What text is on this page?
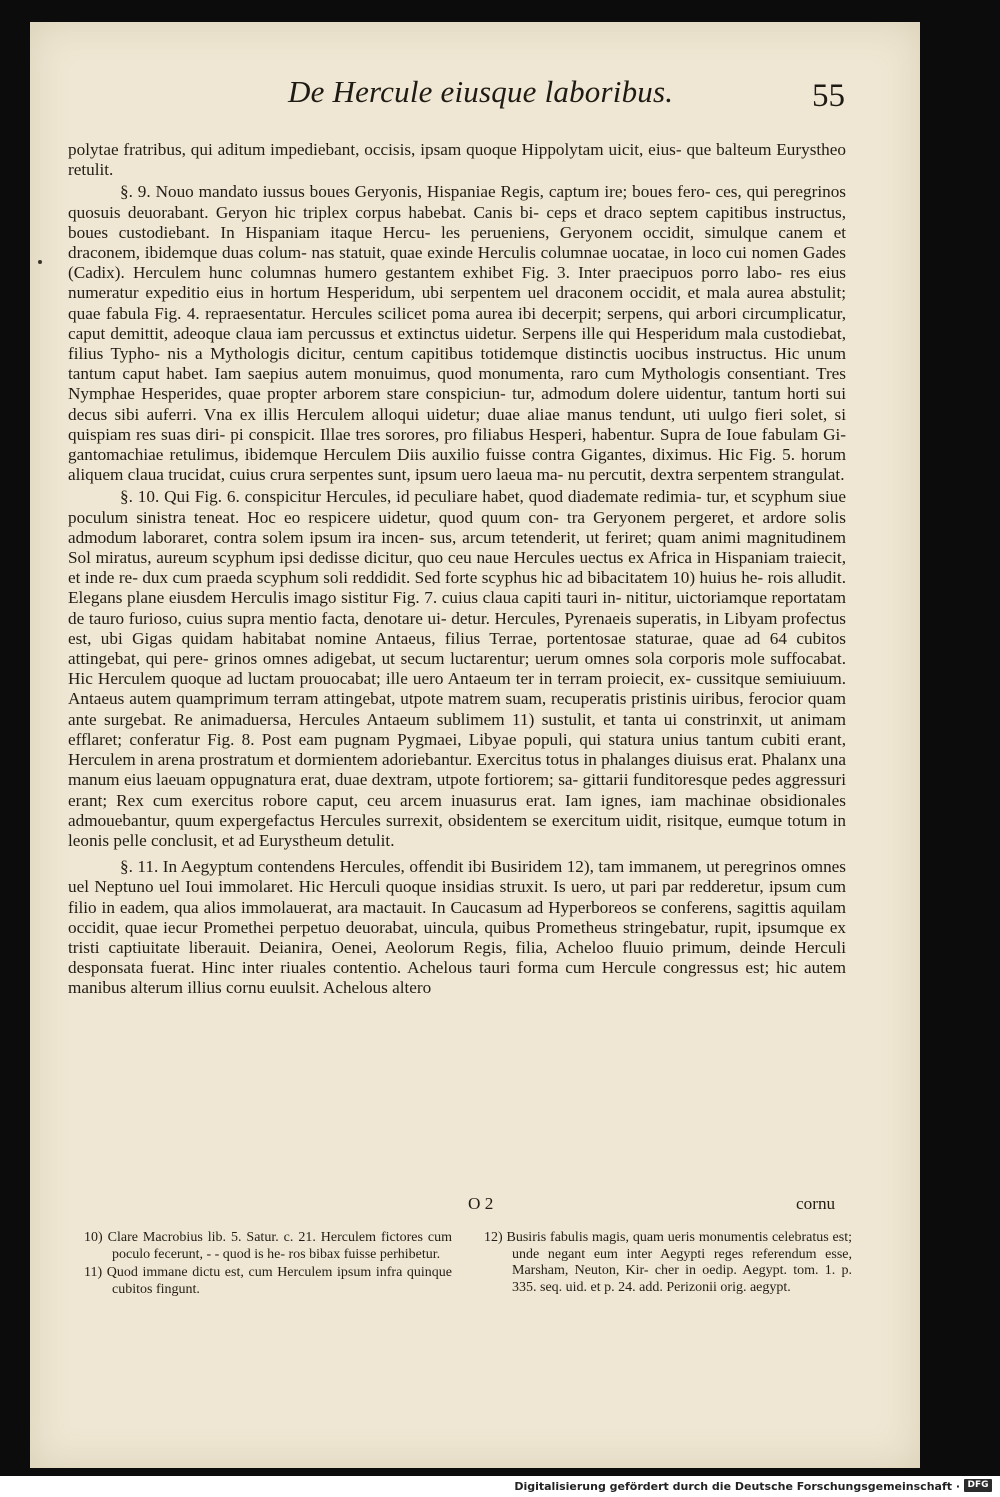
De Hercule eiusque laboribus.	55

polytae fratribus, qui aditum impediebant, occisis, ipsam quoque Hippolytam uicit, eius- que balteum Eurystheo retulit.

§. 9. Nouo mandato iussus boues Geryonis, Hispaniae Regis, captum ire; boues fero- ces, qui peregrinos quosuis deuorabant. Geryon hic triplex corpus habebat. Canis bi- ceps et draco septem capitibus instructus, boues custodiebant. In Hispaniam itaque Hercu- les perueniens, Geryonem occidit, simulque canem et draconem, ibidemque duas colum- nas statuit, quae exinde Herculis columnae uocatae, in loco cui nomen Gades (Cadix). Herculem hunc columnas humero gestantem exhibet Fig. 3. Inter praecipuos porro labo- res eius numeratur expeditio eius in hortum Hesperidum, ubi serpentem uel draconem occidit, et mala aurea abstulit; quae fabula Fig. 4. repraesentatur. Hercules scilicet poma aurea ibi decerpit; serpens, qui arbori circumplicatur, caput demittit, adeoque claua iam percussus et extinctus uidetur. Serpens ille qui Hesperidum mala custodiebat, filius Typho- nis a Mythologis dicitur, centum capitibus totidemque distinctis uocibus instructus. Hic unum tantum caput habet. Iam saepius autem monuimus, quod monumenta, raro cum Mythologis consentiant. Tres Nymphae Hesperides, quae propter arborem stare conspiciun- tur, admodum dolere uidentur, tantum horti sui decus sibi auferri. Vna ex illis Herculem alloqui uidetur; duae aliae manus tendunt, uti uulgo fieri solet, si quispiam res suas diri- pi conspicit. Illae tres sorores, pro filiabus Hesperi, habentur. Supra de Ioue fabulam Gi- gantomachiae retulimus, ibidemque Herculem Diis auxilio fuisse contra Gigantes, diximus. Hic Fig. 5. horum aliquem claua trucidat, cuius crura serpentes sunt, ipsum uero laeua ma- nu percutit, dextra serpentem strangulat.

§. 10. Qui Fig. 6. conspicitur Hercules, id peculiare habet, quod diademate redimia- tur, et scyphum siue poculum sinistra teneat. Hoc eo respicere uidetur, quod quum con- tra Geryonem pergeret, et ardore solis admodum laboraret, contra solem ipsum ira incen- sus, arcum tetenderit, ut feriret; quam animi magnitudinem Sol miratus, aureum scyphum ipsi dedisse dicitur, quo ceu naue Hercules uectus ex Africa in Hispaniam traiecit, et inde re- dux cum praeda scyphum soli reddidit. Sed forte scyphus hic ad bibacitatem 10) huius he- rois alludit. Elegans plane eiusdem Herculis imago sistitur Fig. 7. cuius claua capiti tauri in- nititur, uictoriamque reportatam de tauro furioso, cuius supra mentio facta, denotare ui- detur. Hercules, Pyrenaeis superatis, in Libyam profectus est, ubi Gigas quidam habitabat nomine Antaeus, filius Terrae, portentosae staturae, quae ad 64 cubitos attingebat, qui pere- grinos omnes adigebat, ut secum luctarentur; uerum omnes sola corporis mole suffocabat. Hic Herculem quoque ad luctam prouocabat; ille uero Antaeum ter in terram proiecit, ex- cussitque semiuiuum. Antaeus autem quamprimum terram attingebat, utpote matrem suam, recuperatis pristinis uiribus, ferocior quam ante surgebat. Re animaduersa, Hercules Antaeum sublimem 11) sustulit, et tanta ui constrinxit, ut animam efflaret; conferatur Fig. 8. Post eam pugnam Pygmaei, Libyae populi, qui statura unius tantum cubiti erant, Herculem in arena prostratum et dormientem adoriebantur. Exercitus totus in phalanges diuisus erat. Phalanx una manum eius laeuam oppugnatura erat, duae dextram, utpote fortiorem; sa- gittarii funditoresque pedes aggressuri erant; Rex cum exercitus robore caput, ceu arcem inuasurus erat. Iam ignes, iam machinae obsidionales admouebantur, quum expergefactus Hercules surrexit, obsidentem se exercitum uidit, risitque, eumque totum in leonis pelle conclusit, et ad Eurystheum detulit.

§. 11. In Aegyptum contendens Hercules, offendit ibi Busiridem 12), tam immanem, ut peregrinos omnes uel Neptuno uel Ioui immolaret. Hic Herculi quoque insidias struxit. Is uero, ut pari par redderetur, ipsum cum filio in eadem, qua alios immolauerat, ara mactauit. In Caucasum ad Hyperboreos se conferens, sagittis aquilam occidit, quae iecur Promethei perpetuo deuorabat, uincula, quibus Prometheus stringebatur, rupit, ipsumque ex tristi captiuitate liberauit. Deianira, Oenei, Aeolorum Regis, filia, Acheloo fluuio primum, deinde Herculi desponsata fuerat. Hinc inter riuales contentio. Achelous tauri forma cum Hercule congressus est; hic autem manibus alterum illius cornu euulsit. Achelous altero

O 2	cornu

10) Clare Macrobius lib. 5. Satur. c. 21. Herculem fictores cum poculo fecerunt, - - quod is he- ros bibax fuisse perhibetur.

11) Quod immane dictu est, cum Herculem ipsum infra quinque cubitos fingunt.

12) Busiris fabulis magis, quam ueris monumentis celebratus est; unde negant eum inter Aegypti reges referendum esse, Marsham, Neuton, Kir- cher in oedip. Aegypt. tom. 1. p. 335. seq. uid. et p. 24. add. Perizonii orig. aegypt.

Digitalisierung gefördert durch die Deutsche Forschungsgemeinschaft · DFG
